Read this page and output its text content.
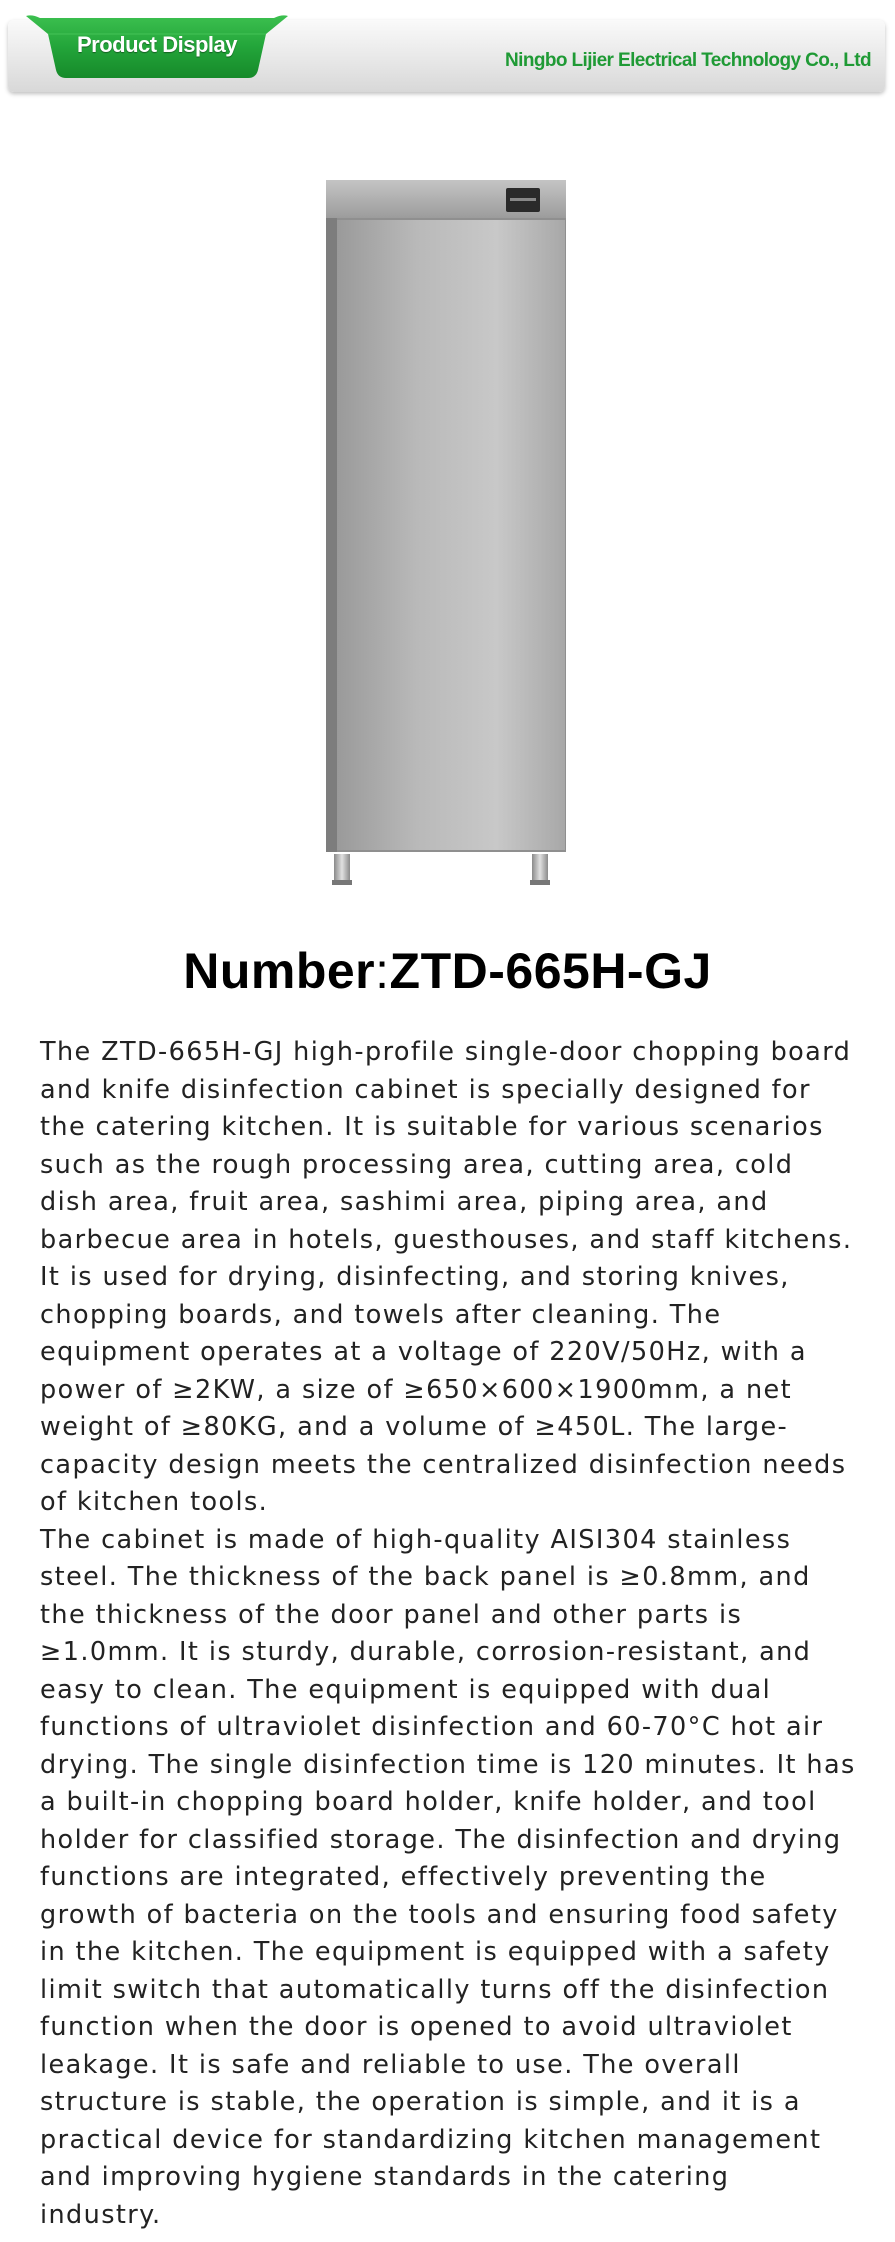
Product Display
Ningbo Lijier Electrical Technology Co., Ltd
Number:ZTD-665H-GJ

The ZTD-665H-GJ high-profile single-door chopping board and knife disinfection cabinet is specially designed for the catering kitchen. It is suitable for various scenarios such as the rough processing area, cutting area, cold dish area, fruit area, sashimi area, piping area, and barbecue area in hotels, guesthouses, and staff kitchens. It is used for drying, disinfecting, and storing knives, chopping boards, and towels after cleaning. The equipment operates at a voltage of 220V/50Hz, with a power of ≥2KW, a size of ≥650×600×1900mm, a net weight of ≥80KG, and a volume of ≥450L. The large-capacity design meets the centralized disinfection needs of kitchen tools.

The cabinet is made of high-quality AISI304 stainless steel. The thickness of the back panel is ≥0.8mm, and the thickness of the door panel and other parts is ≥1.0mm. It is sturdy, durable, corrosion-resistant, and easy to clean. The equipment is equipped with dual functions of ultraviolet disinfection and 60-70°C hot air drying. The single disinfection time is 120 minutes. It has a built-in chopping board holder, knife holder, and tool holder for classified storage. The disinfection and drying functions are integrated, effectively preventing the growth of bacteria on the tools and ensuring food safety in the kitchen. The equipment is equipped with a safety limit switch that automatically turns off the disinfection function when the door is opened to avoid ultraviolet leakage. It is safe and reliable to use. The overall structure is stable, the operation is simple, and it is a practical device for standardizing kitchen management and improving hygiene standards in the catering industry.
